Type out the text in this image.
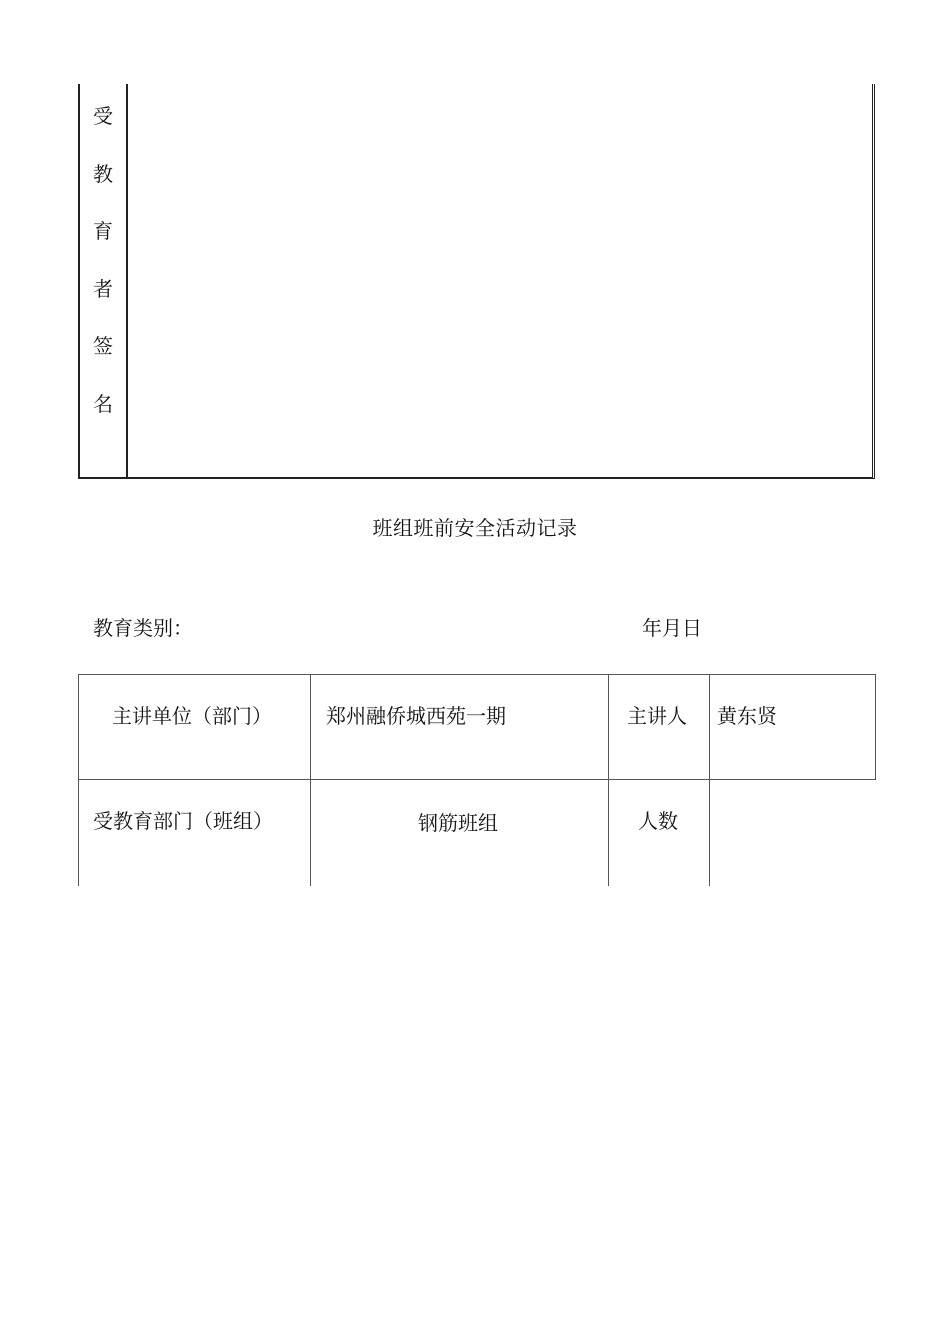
受
教
育
者
签
名
班组班前安全活动记录
教育类别：	年月日
主讲单位（部门）	郑州融侨城西苑一期	主讲人 黄东贤
受教育部门（班组）	钢筋班组	人数
